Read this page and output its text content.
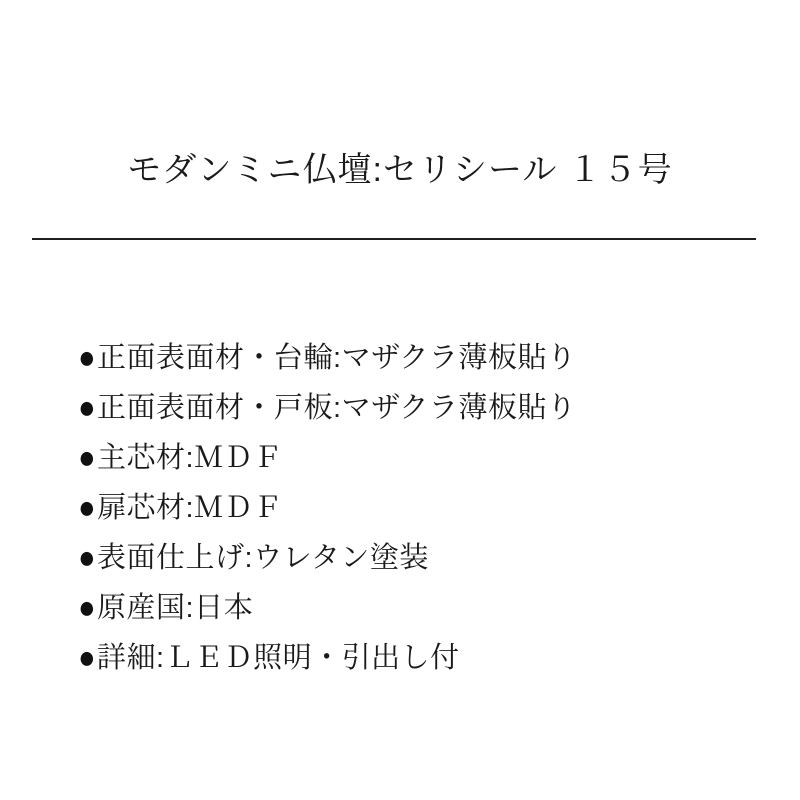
モダンミニ仏壇:セリシール １５号
●正面表面材・台輪:マザクラ薄板貼り
●正面表面材・戸板:マザクラ薄板貼り
●主芯材:ＭＤＦ
●扉芯材:ＭＤＦ
●表面仕上げ:ウレタン塗装
●原産国:日本
●詳細:ＬＥＤ照明・引出し付
